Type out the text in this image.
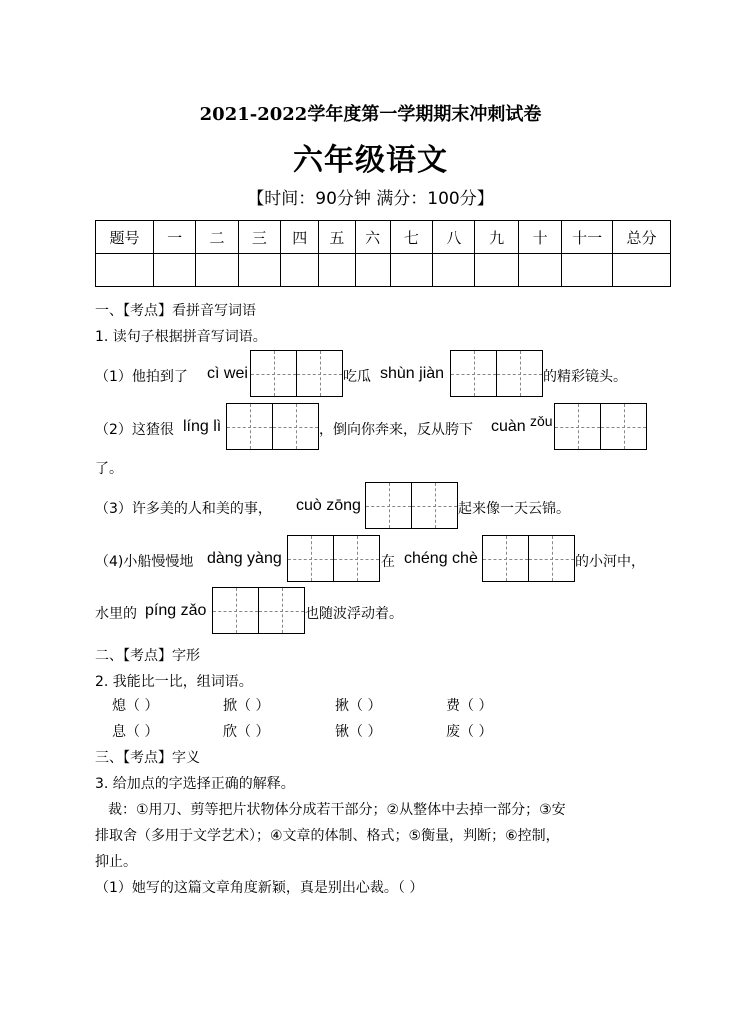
2021-2022学年度第一学期期末冲刺试卷
六年级语文
【时间：90分钟 满分：100分】
题号	一	二	三	四	五	六	七	八	九	十	十一	总分

一、【考点】看拼音写词语
1. 读句子根据拼音写词语。
（1）他拍到了 cì wei	吃瓜 shùn jiàn	的精彩镜头。
（2）这猹很 líng lì	，倒向你奔来，反从胯下 cuàn zǒu
了。
（3）许多美的人和美的事， cuò zōng	起来像一天云锦。
（4)小船慢慢地 dàng yàng	在 chéng chè	的小河中，
水里的 píng zǎo	也随波浮动着。
二、【考点】字形
2. 我能比一比，组词语。
熄（ ）	掀（ ）	揪（ ）	费（ ）
息（ ）	欣（ ）	锹（ ）	废（ ）
三、【考点】字义
3. 给加点的字选择正确的解释。
裁：①用刀、剪等把片状物体分成若干部分；②从整体中去掉一部分；③安
排取舍（多用于文学艺术）；④文章的体制、格式；⑤衡量，判断；⑥控制，
抑止。
（1）她写的这篇文章角度新颖，真是别出心裁。（ ）
